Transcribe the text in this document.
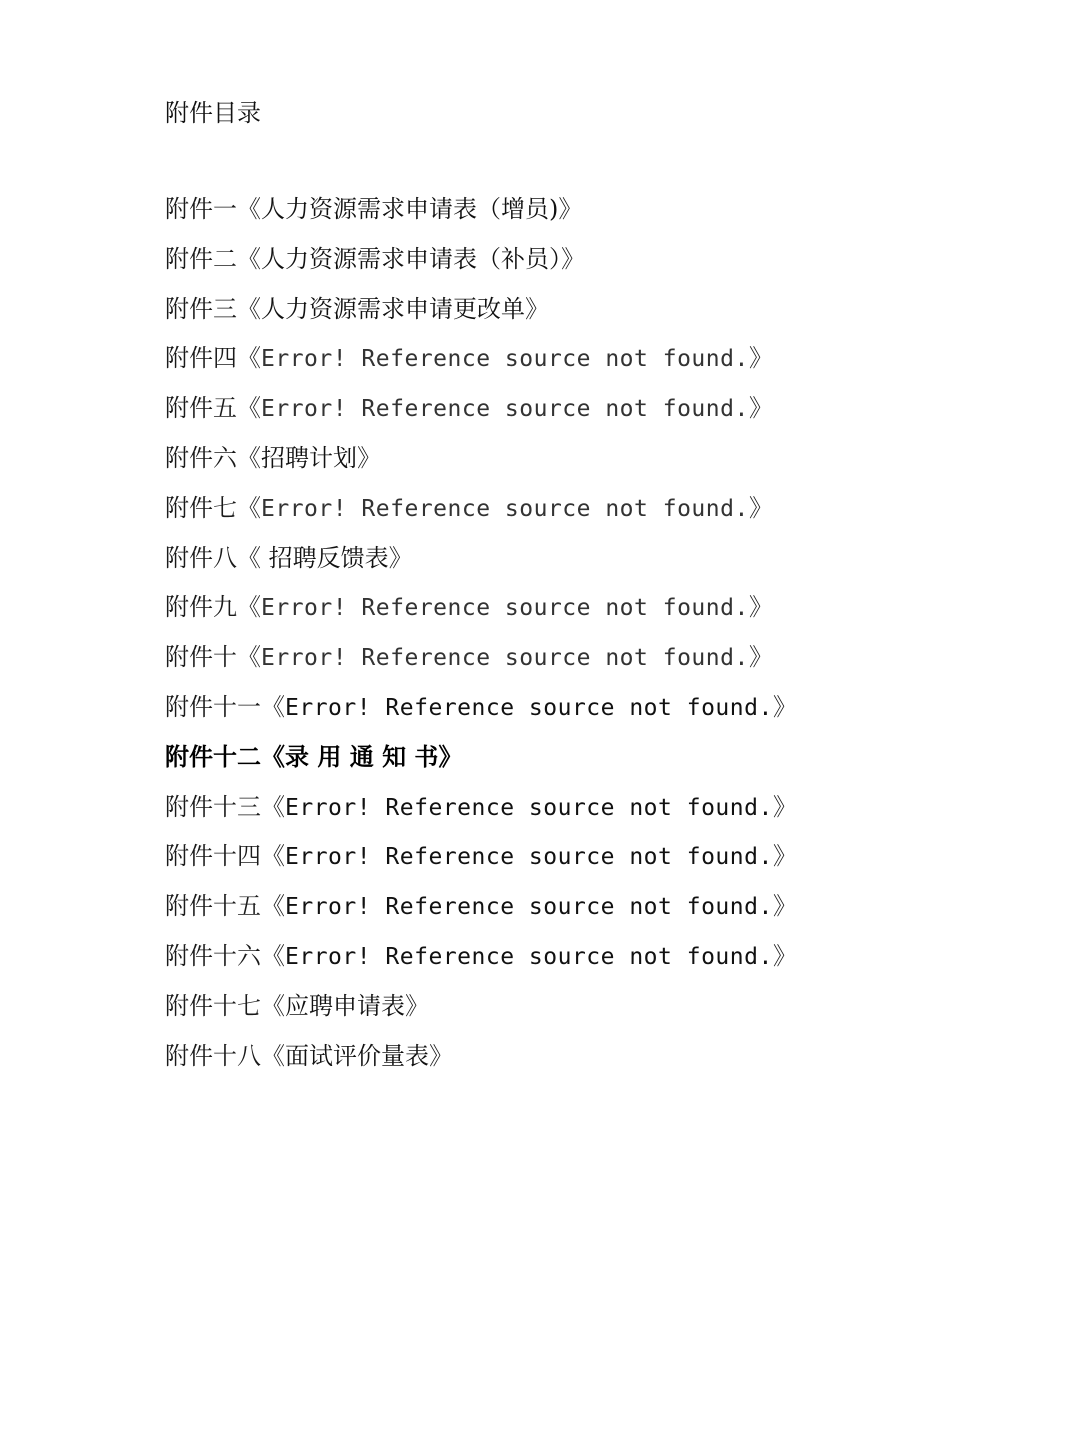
附件目录
附件一《人力资源需求申请表（增员)》
附件二《人力资源需求申请表（补员）》
附件三《人力资源需求申请更改单》
附件四《Error! Reference source not found.》
附件五《Error! Reference source not found.》
附件六《招聘计划》
附件七《Error! Reference source not found.》
附件八《 招聘反馈表》
附件九《Error! Reference source not found.》
附件十《Error! Reference source not found.》
附件十一《Error! Reference source not found.》
附件十二《录 用 通 知 书》
附件十三《Error! Reference source not found.》
附件十四《Error! Reference source not found.》
附件十五《Error! Reference source not found.》
附件十六《Error! Reference source not found.》
附件十七《应聘申请表》
附件十八《面试评价量表》
